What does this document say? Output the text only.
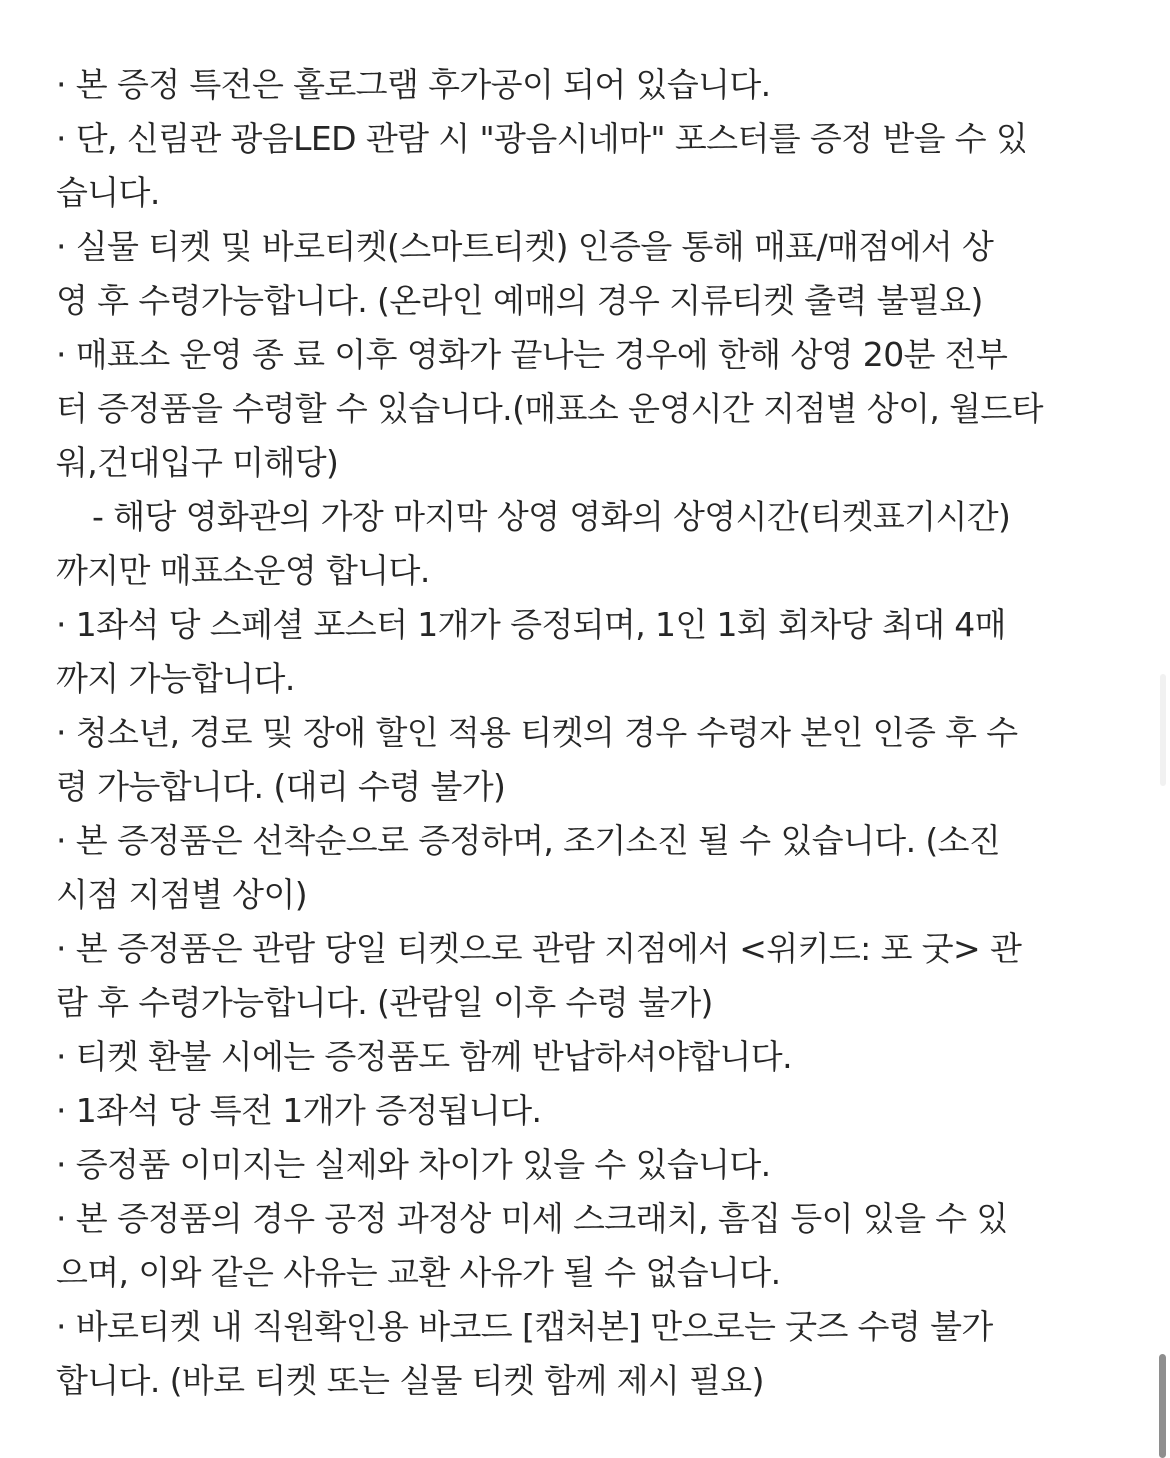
· 본 증정 특전은 홀로그램 후가공이 되어 있습니다.
· 단, 신림관 광음LED 관람 시 "광음시네마" 포스터를 증정 받을 수 있
습니다.
· 실물 티켓 및 바로티켓(스마트티켓) 인증을 통해 매표/매점에서 상
영 후 수령가능합니다. (온라인 예매의 경우 지류티켓 출력 불필요)
· 매표소 운영 종 료 이후 영화가 끝나는 경우에 한해 상영 20분 전부
터 증정품을 수령할 수 있습니다.(매표소 운영시간 지점별 상이, 월드타
워,건대입구 미해당)
- 해당 영화관의 가장 마지막 상영 영화의 상영시간(티켓표기시간)
까지만 매표소운영 합니다.
· 1좌석 당 스페셜 포스터 1개가 증정되며, 1인 1회 회차당 최대 4매
까지 가능합니다.
· 청소년, 경로 및 장애 할인 적용 티켓의 경우 수령자 본인 인증 후 수
령 가능합니다. (대리 수령 불가)
· 본 증정품은 선착순으로 증정하며, 조기소진 될 수 있습니다. (소진
시점 지점별 상이)
· 본 증정품은 관람 당일 티켓으로 관람 지점에서 <위키드: 포 굿> 관
람 후 수령가능합니다. (관람일 이후 수령 불가)
· 티켓 환불 시에는 증정품도 함께 반납하셔야합니다.
· 1좌석 당 특전 1개가 증정됩니다.
· 증정품 이미지는 실제와 차이가 있을 수 있습니다.
· 본 증정품의 경우 공정 과정상 미세 스크래치, 흠집 등이 있을 수 있
으며, 이와 같은 사유는 교환 사유가 될 수 없습니다.
· 바로티켓 내 직원확인용 바코드 [캡처본] 만으로는 굿즈 수령 불가
합니다. (바로 티켓 또는 실물 티켓 함께 제시 필요)
